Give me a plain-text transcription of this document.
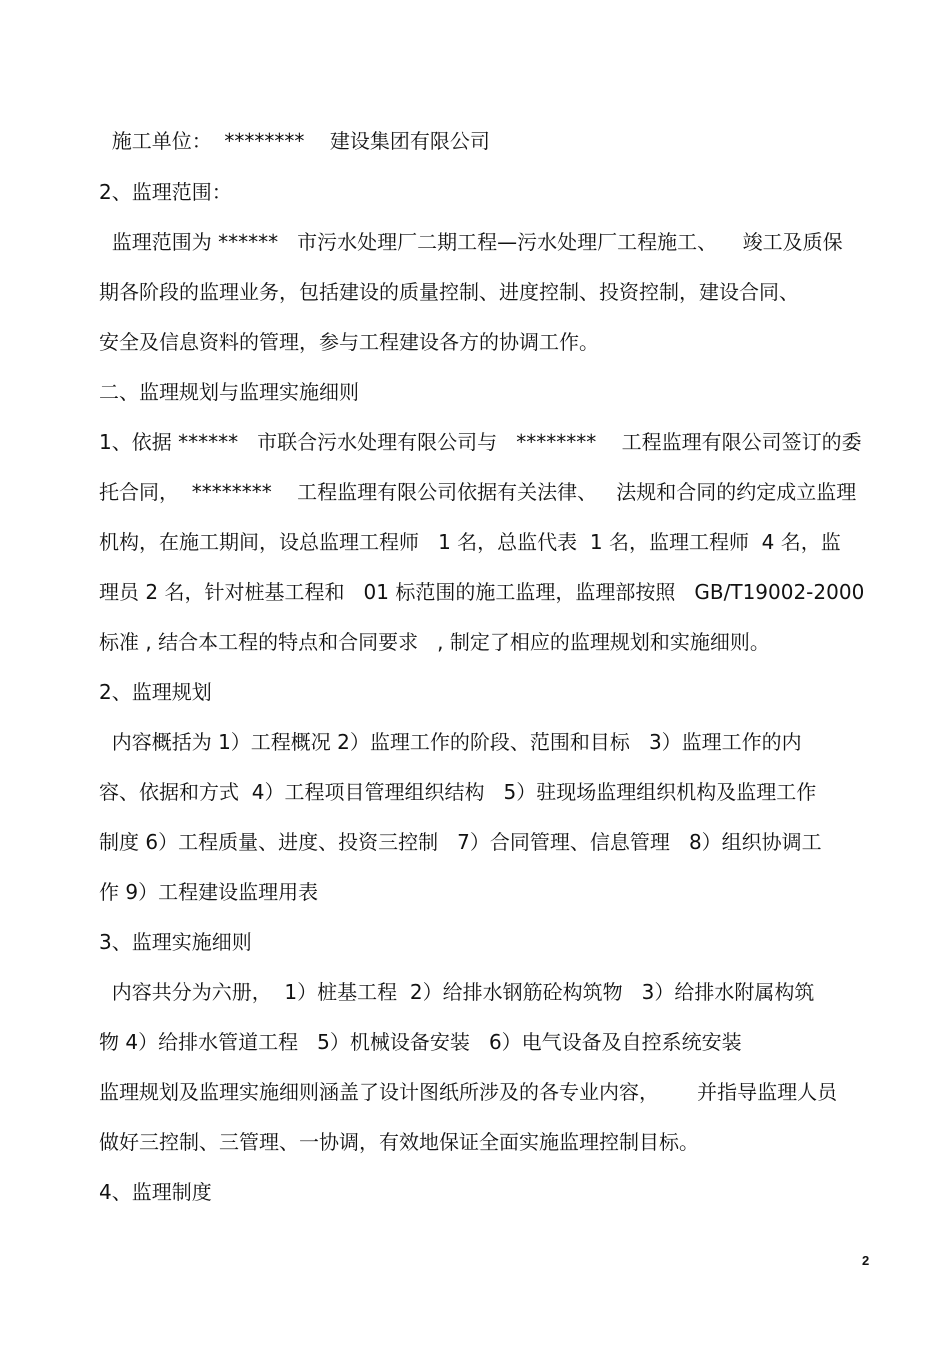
施工单位：  ********    建设集团有限公司
2、监理范围：
监理范围为 ******   市污水处理厂二期工程—污水处理厂工程施工、    竣工及质保
期各阶段的监理业务，包括建设的质量控制、进度控制、投资控制，建设合同、
安全及信息资料的管理，参与工程建设各方的协调工作。
二、监理规划与监理实施细则
1、依据 ******   市联合污水处理有限公司与   ********    工程监理有限公司签订的委
托合同，  ********    工程监理有限公司依据有关法律、   法规和合同的约定成立监理
机构，在施工期间，设总监理工程师   1 名，总监代表  1 名，监理工程师  4 名，监
理员 2 名，针对桩基工程和   01 标范围的施工监理，监理部按照   GB/T19002-2000
标准 , 结合本工程的特点和合同要求   , 制定了相应的监理规划和实施细则。
2、监理规划
内容概括为 1）工程概况 2）监理工作的阶段、范围和目标   3）监理工作的内
容、依据和方式  4）工程项目管理组织结构   5）驻现场监理组织机构及监理工作
制度 6）工程质量、进度、投资三控制   7）合同管理、信息管理   8）组织协调工
作 9）工程建设监理用表
3、监理实施细则
内容共分为六册，  1）桩基工程  2）给排水钢筋砼构筑物   3）给排水附属构筑
物 4）给排水管道工程   5）机械设备安装   6）电气设备及自控系统安装
监理规划及监理实施细则涵盖了设计图纸所涉及的各专业内容，      并指导监理人员
做好三控制、三管理、一协调，有效地保证全面实施监理控制目标。
4、监理制度
2
